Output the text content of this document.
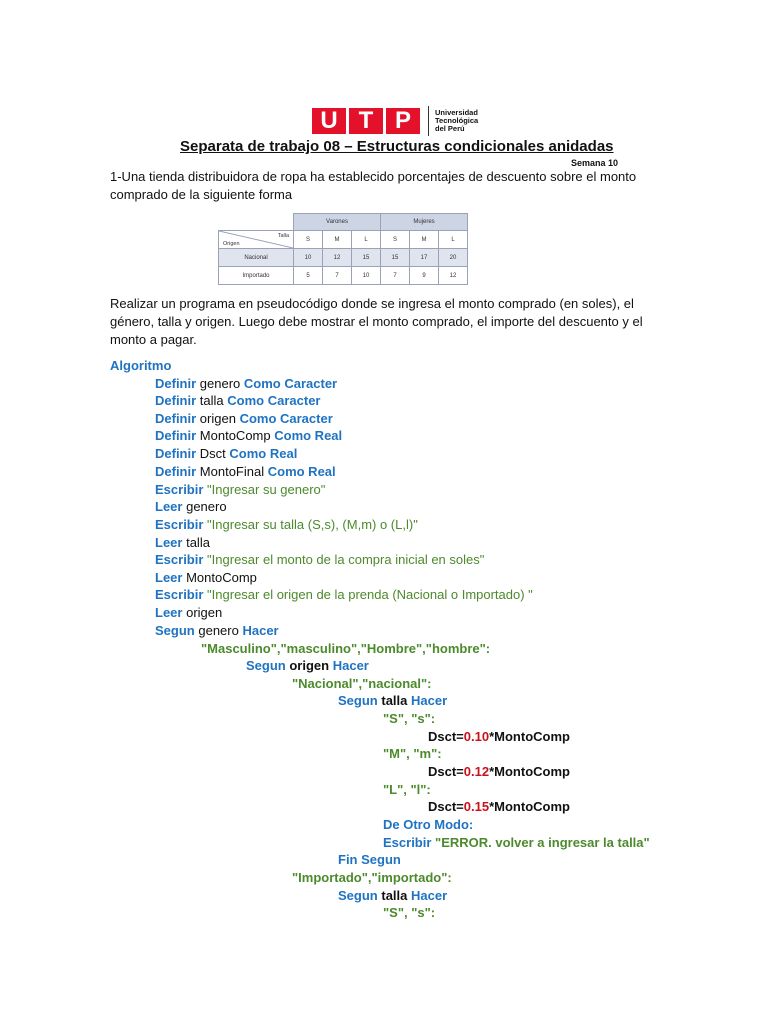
U T P	Universidad
Tecnológica
del Perú
Separata de trabajo 08 – Estructuras condicionales anidadas
Semana 10
1-Una tienda distribuidora de ropa ha establecido porcentajes de descuento sobre el monto comprado de la siguiente forma
	Varones			Mujeres		

Talla
Origen	S	M	L	S	M	L
Nacional	10	12	15	15	17	20
Importado	5	7	10	7	9	12
Realizar un programa en pseudocódigo donde se ingresa el monto comprado (en soles), el género, talla y origen. Luego debe mostrar el monto comprado, el importe del descuento y el monto a pagar.
Algoritmo
Definir genero Como Caracter
Definir talla Como Caracter
Definir origen Como Caracter
Definir MontoComp Como Real
Definir Dsct Como Real
Definir MontoFinal Como Real
Escribir "Ingresar su genero"
Leer genero
Escribir "Ingresar su talla (S,s), (M,m) o (L,l)"
Leer talla
Escribir "Ingresar el monto de la compra inicial en soles"
Leer MontoComp
Escribir "Ingresar el origen de la prenda (Nacional o Importado) "
Leer origen
Segun genero Hacer
"Masculino","masculino","Hombre","hombre":
Segun origen Hacer
"Nacional","nacional":
Segun talla Hacer
"S", "s":
Dsct=0.10*MontoComp
"M", "m":
Dsct=0.12*MontoComp
"L", "l":
Dsct=0.15*MontoComp
De Otro Modo:
Escribir "ERROR. volver a ingresar la talla"
Fin Segun
"Importado","importado":
Segun talla Hacer
"S", "s":
